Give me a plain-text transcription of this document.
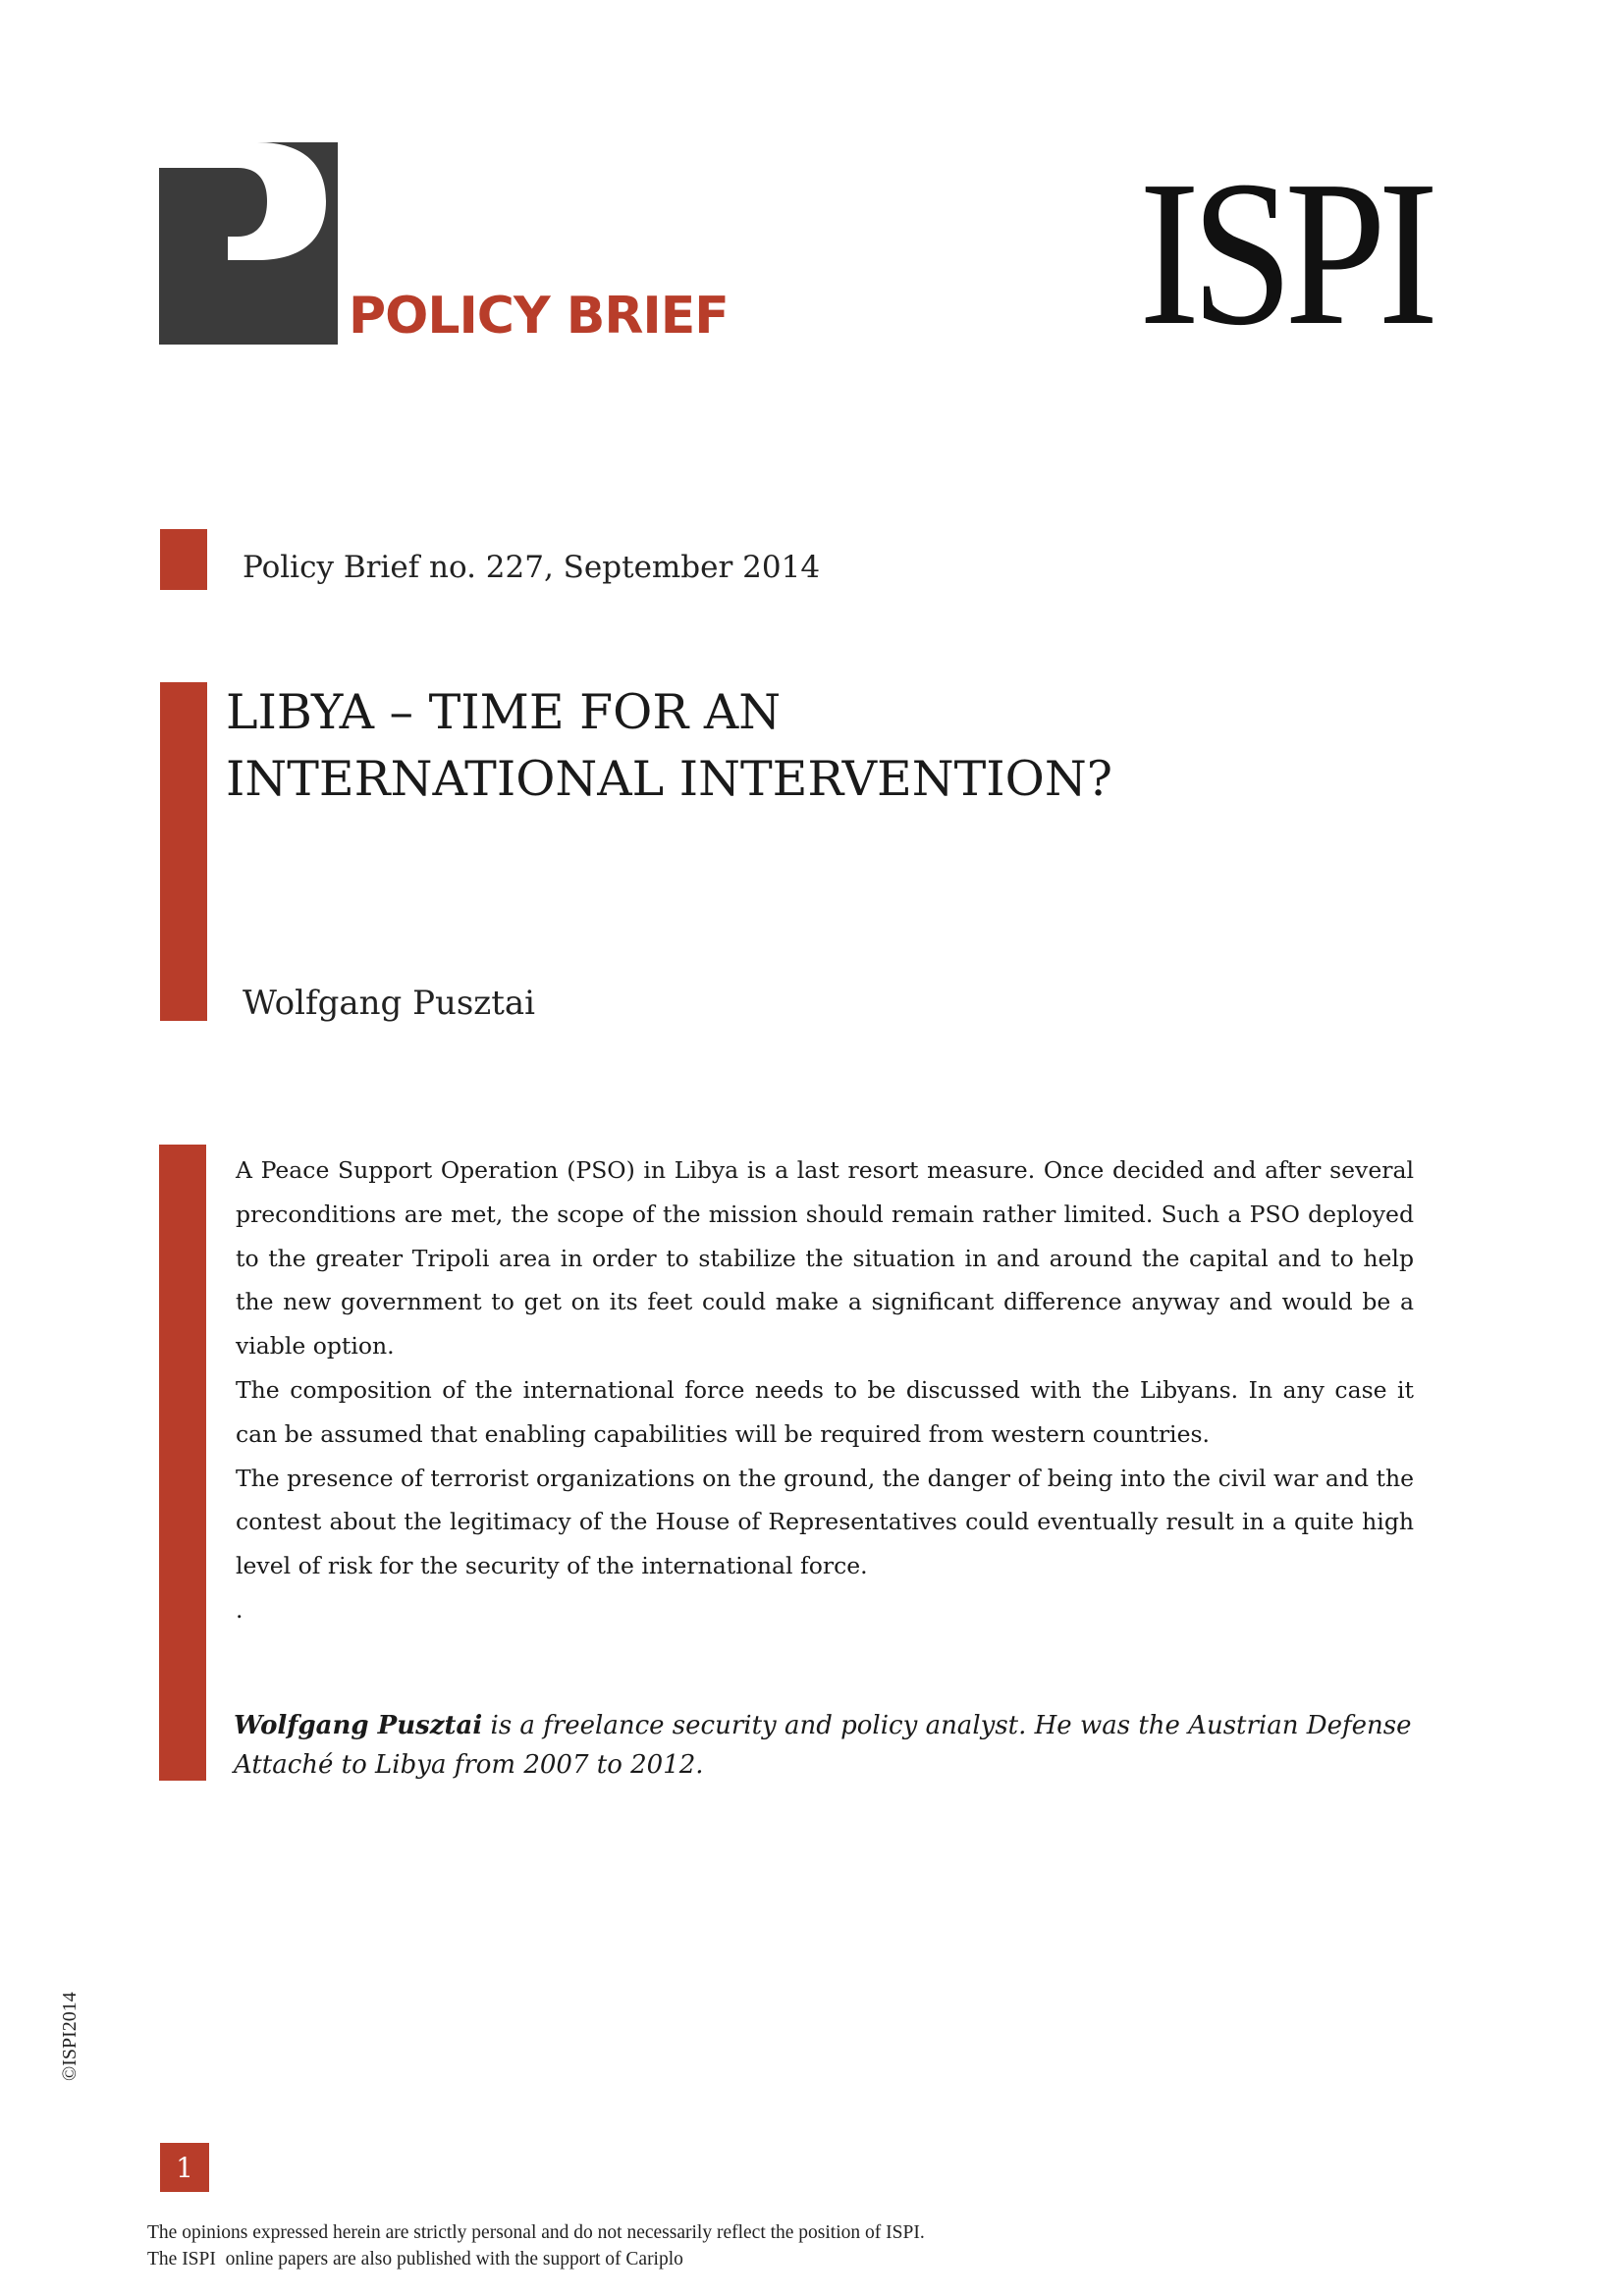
POLICY BRIEF ISPI
Policy Brief no. 227, September 2014
LIBYA – TIME FOR AN
INTERNATIONAL INTERVENTION?
Wolfgang Pusztai

A Peace Support Operation (PSO) in Libya is a last resort measure. Once decided and after several preconditions are met, the scope of the mission should remain rather limited. Such a PSO deployed to the greater Tripoli area in order to stabilize the situation in and around the capital and to help the new government to get on its feet could make a significant difference anyway and would be a viable option.

The composition of the international force needs to be discussed with the Libyans. In any case it can be assumed that enabling capabilities will be required from western countries.

The presence of terrorist organizations on the ground, the danger of being into the civil war and the contest about the legitimacy of the House of Representatives could eventually result in a quite high level of risk for the security of the international force.

.

Wolfgang Pusztai is a freelance security and policy analyst. He was the Austrian Defense Attaché to Libya from 2007 to 2012.
©ISPI2014
1
The opinions expressed herein are strictly personal and do not necessarily reflect the position of ISPI.
The ISPI  online papers are also published with the support of Cariplo
